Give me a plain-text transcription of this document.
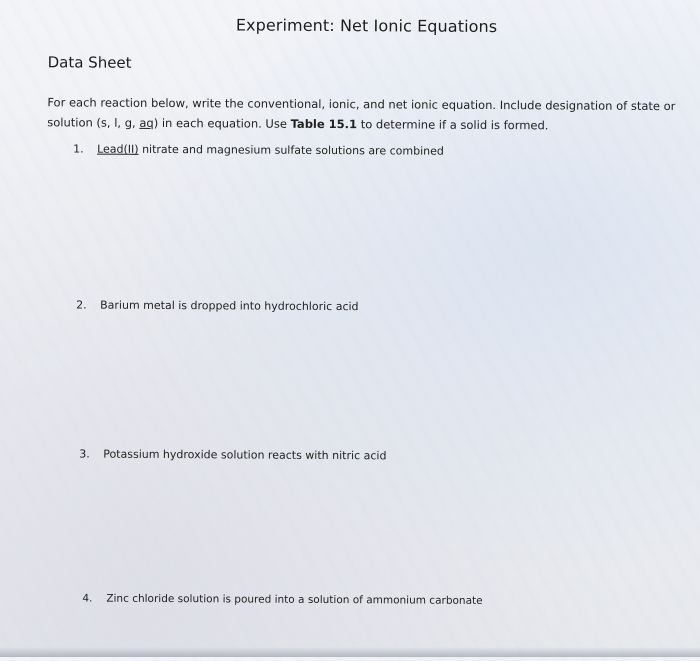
Experiment: Net Ionic Equations
Data Sheet
For each reaction below, write the conventional, ionic, and net ionic equation. Include designation of state or solution (s, l, g, aq) in each equation. Use Table 15.1 to determine if a solid is formed.
1. Lead(II) nitrate and magnesium sulfate solutions are combined
2. Barium metal is dropped into hydrochloric acid
3. Potassium hydroxide solution reacts with nitric acid
4. Zinc chloride solution is poured into a solution of ammonium carbonate
